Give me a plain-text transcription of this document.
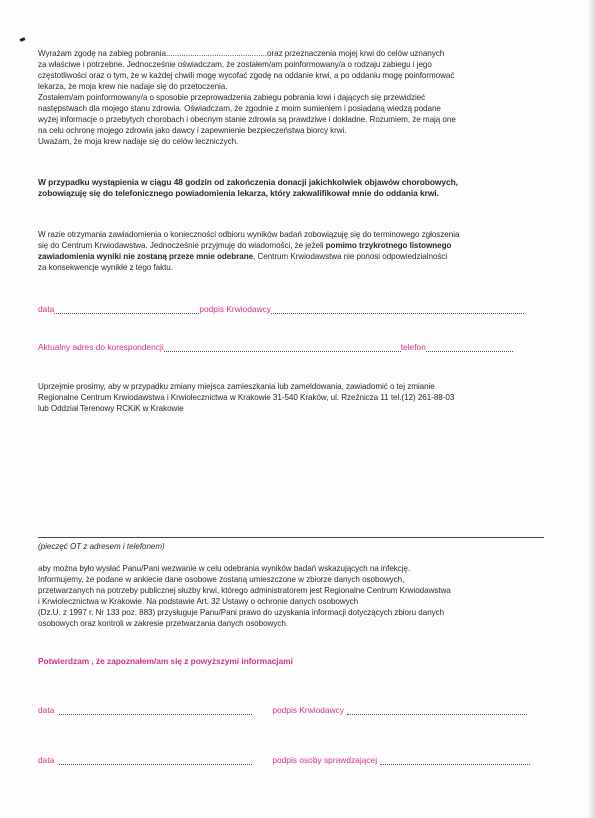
Wyrażam zgodę na zabieg pobrania..............................................oraz przeznaczenia mojej krwi do celów uznanych

za właściwe i potrzebne. Jednocześnie oświadczam, że zostałem/am poinformowany/a o rodzaju zabiegu i jego

częstotliwości oraz o tym, że w każdej chwili mogę wycofać zgodę na oddanie krwi, a po oddaniu mogę poinformować

lekarza, że moja krew nie nadaje się do przetoczenia.

Zostałem/am poinformowany/a o sposobie przeprowadzenia zabiegu pobrania krwi i dających się przewidzieć

następstwach dla mojego stanu zdrowia. Oświadczam, że zgodnie z moim sumieniem i posiadaną wiedzą podane

wyżej informacje o przebytych chorobach i obecnym stanie zdrowia są prawdziwe i dokładne. Rozumiem, że mają one

na celu ochronę mojego zdrowia jako dawcy i zapewnienie bezpieczeństwa biorcy krwi.

Uważam, że moja krew nadaje się do celów leczniczych.

W przypadku wystąpienia w ciągu 48 godzin od zakończenia donacji jakichkolwiek objawów chorobowych,

zobowiązuję się do telefonicznego powiadomienia lekarza, który zakwalifikował mnie do oddania krwi.

W razie otrzymania zawiadomienia o konieczności odbioru wyników badań zobowiązuję się do terminowego zgłoszenia

się do Centrum Krwiodawstwa. Jednocześnie przyjmuję do wiadomości, że jeżeli pomimo trzykrotnego listownego

zawiadomienia wyniki nie zostaną przeze mnie odebrane, Centrum Krwiodawstwa nie ponosi odpowiedzialności

za konsekwencje wynikłe z tego faktu.

data	podpis Krwiodawcy
Aktualny adres do korespondencji	telefon

Uprzejmie prosimy, aby w przypadku zmiany miejsca zamieszkania lub zameldowania, zawiadomić o tej zmianie

Regionalne Centrum Krwiodawstwa i Krwiolecznictwa w Krakowie 31-540 Kraków, ul. Rzeźnicza 11 tel.(12) 261-88-03

lub Oddział Terenowy RCKiK w Krakowie

(pieczęć OT z adresem i telefonem)

aby można było wysłać Panu/Pani wezwanie w celu odebrania wyników badań wskazujących na infekcję.

Informujemy, że podane w ankiecie dane osobowe zostaną umieszczone w zbiorze danych osobowych,

przetwarzanych na potrzeby publicznej służby krwi, którego administratorem jest Regionalne Centrum Krwiodawstwa

i Krwiolecznictwa w Krakowie. Na podstawie Art. 32 Ustawy o ochronie danych osobowych

(Dz.U. z 1997 r. Nr 133 poz. 883) przysługuje Panu/Pani prawo do uzyskania informacji dotyczących zbioru danych

osobowych oraz kontroli w zakresie przetwarzania danych osobowych.

Potwierdzam , że zapoznałem/am się z powyższymi informacjami

data	podpis Krwiodawcy
data	podpis osoby sprawdzającej
